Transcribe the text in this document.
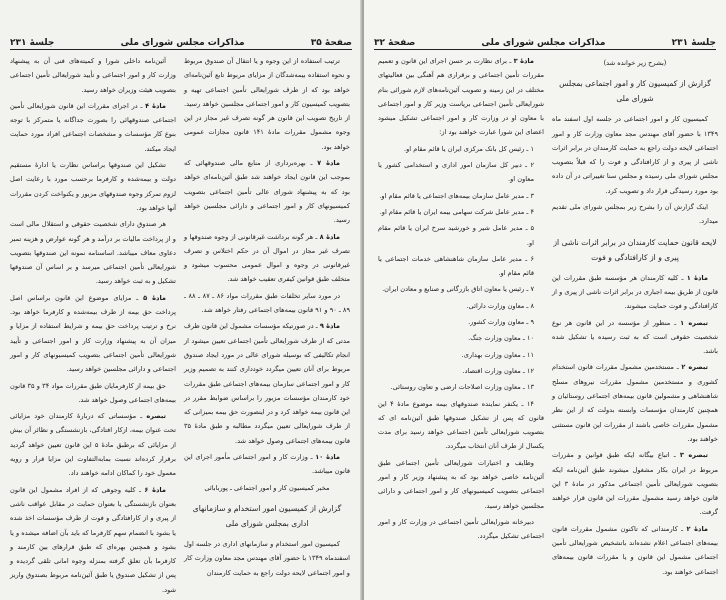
صفحهٔ ۳۵
مذاکرات مجلس شورای ملی
جلسهٔ ۲۳۱

ترتیب استفاده از این وجوه و یا انتقال آن صندوق مربوط و نحوه استفاده بیمه‌شدگان از مزایای مربوط تابع آئین‌نامه‌ای خواهد بود که از طرف شورایعالی تأمین اجتماعی تهیه و بتصویب کمیسیون کار و امور اجتماعی مجلسین خواهد رسید. از تاریخ تصویب این قانون هر گونه تصرف غیر مجاز در این وجوه مشمول مقررات مادهٔ ۱۴۱ قانون مجازات عمومی خواهد بود.

مادهٔ ۷ ـ بهره‌برداری از منابع مالی صندوقهائی که بموجب این قانون ایجاد خواهند شد طبق آئین‌نامه‌ای خواهد بود که به پیشنهاد شورای عالی تأمین اجتماعی بتصویب کمیسیونهای کار و امور اجتماعی و دارائی مجلسین خواهد رسید.

مادهٔ ۸ ـ هر گونه برداشت غیرقانونی از وجوه صندوقها و تصرف غیر مجاز در اموال آن در حکم اختلاس و تصرف غیرقانونی در وجوه و اموال عمومی محسوب میشود و متخلف طبق قوانین کیفری تعقیب خواهد شد.

در مورد سایر تخلفات طبق مقررات مواد ۸۶ ـ ۸۷ ـ ۸۸ ـ ۸۹ ـ ۹۰ و ۹۱ قانون بیمه‌های اجتماعی رفتار خواهد شد.

مادهٔ ۹ ـ در صورتیکه مؤسسات مشمول این قانون ظرف مدتی که از طرف شورایعالی تأمین اجتماعی تعیین میشود از انجام تکالیفی که بوسیله شورای عالی در مورد ایجاد صندوق مربوط برای آنان تعیین میگردد خودداری کنند به تصمیم وزیر کار و امور اجتماعی سازمان بیمه‌های اجتماعی طبق مقررات خود کارمندان مؤسسات مزبور را براساس ضوابط مقرر در این قانون بیمه خواهد کرد و در اینصورت حق بیمه بمیزانی که از طرف شورایعالی تعیین میگردد مطالبه و طبق مادهٔ ۳۵ قانون بیمه‌های اجتماعی وصول خواهد شد.

مادهٔ ۱۰ ـ وزارت کار و امور اجتماعی مأمور اجرای این قانون میباشد.

مخبر کمیسیون کار و امور اجتماعی ـ پوربابائی

گزارش از کمیسیون امور استخدام و سازمانهای اداری بمجلس شورای ملی

کمیسیون امور استخدام و سازمانهای اداری در جلسه اول اسفندماه ۱۳۴۹ با حضور آقای مهندس مجد معاون وزارت کار و امور اجتماعی لایحه دولت راجع به حمایت کارمندان

آئین‌نامه داخلی شورا و کمیته‌های فنی آن به پیشنهاد وزارت کار و امور اجتماعی و تأیید شورایعالی تأمین اجتماعی بتصویب هیئت وزیران خواهد رسید.

مادهٔ ۴ ـ در اجرای مقررات این قانون شورایعالی تأمین اجتماعی صندوقهائی را بصورت جداگانه یا متمرکز با توجه بنوع کار مؤسسات و مشخصات اجتماعی افراد مورد حمایت ایجاد میکند.

تشکیل این صندوقها براساس نظارت یا ادارهٔ مستقیم دولت و بیمه‌شده و کارفرما برحسب مورد با رعایت اصل لزوم تمرکز وجوه صندوقهای مزبور و یکنواخت کردن مقررات آنها خواهد بود.

هر صندوق دارای شخصیت حقوقی و استقلال مالی است و از پرداخت مالیات بر درآمد و هر گونه عوارض و هزینه تمبر دعاوی معاف میباشد. اساسنامه نمونه این صندوقها بتصویب شورایعالی تأمین اجتماعی میرسد و بر اساس آن صندوقها تشکیل و به ثبت خواهد رسید.

مادهٔ ۵ ـ مزایای موضوع این قانون براساس اصل پرداخت حق بیمه از طرف بیمه‌شده و کارفرما خواهد بود. نرخ و ترتیب پرداخت حق بیمه و شرایط استفاده از مزایا و میزان آن به پیشنهاد وزارت کار و امور اجتماعی و تأیید شورایعالی تأمین اجتماعی بتصویب کمیسیونهای کار و امور اجتماعی و دارائی مجلسین خواهد رسید.

حق بیمه از کارفرمایان طبق مقررات مواد ۳۴ و ۳۵ قانون بیمه‌های اجتماعی وصول خواهد شد.

تبصره ـ مؤسساتی که دربارهٔ کارمندان خود مزایائی تحت عنوان بیمه، ازکار افتادگی، بازنشستگی و نظائر آن بیش از مزایائی که برطبق مادهٔ ۵ این قانون تعیین خواهد گردید برقرار کرده‌اند نسبت بمابه‌التفاوت این مزایا قرار و رویه معمول خود را کماکان ادامه خواهند داد.

مادهٔ ۶ ـ کلیه وجوهی که از افراد مشمول این قانون بعنوان بازنشستگی یا بعنوان حمایت در مقابل عواقب ناشی از پیری و از کارافتادگی و فوت از طرف مؤسسات اخذ شده یا بشود با انضمام سهم کارفرما که باید بآن اضافه میشده و یا بشود و همچنین بهره‌ای که طبق قرارهای بین کارمند و کارفرما بآن تعلق گرفته بمنزله وجوه امانی تلقی گردیده و پس از تشکیل صندوق یا طبق آئین‌نامه مربوط بصندوق واریز شود.

جلسهٔ ۲۳۱
مذاکرات مجلس شورای ملی
صفحهٔ ۳۲

(بشرح زیر خوانده شد)

گزارش از کمیسیون کار و امور اجتماعی بمجلس شورای ملی

کمیسیون کار و امور اجتماعی در جلسه اول اسفند ماه ۱۳۴۹ با حضور آقای مهندس مجد معاون وزارت کار و امور اجتماعی لایحه دولت راجع به حمایت کارمندان در برابر اثرات ناشی از پیری و از کارافتادگی و فوت را که قبلاً بتصویب مجلس شورای ملی رسیده و مجلس سنا تغییراتی در آن داده بود مورد رسیدگی قرار داد و تصویب کرد.

اینک گزارش آن را بشرح زیر بمجلس شورای ملی تقدیم میدارد.

لایحه قانون حمایت کارمندان در برابر اثرات ناشی از پیری و از کارافتادگی و فوت

مادهٔ ۱ ـ کلیه کارمندان هر مؤسسه طبق مقررات این قانون از طریق بیمه اجباری در برابر اثرات ناشی از پیری و از کارافتادگی و فوت حمایت میشوند.

تبصره ۱ ـ منظور از مؤسسه در این قانون هر نوع شخصیت حقوقی است که به ثبت رسیده یا تشکیل شده باشد.

تبصره ۲ ـ مستخدمین مشمول مقررات قانون استخدام کشوری و مستخدمین مشمول مقررات نیروهای مسلح شاهنشاهی و مشمولین قانون بیمه‌های اجتماعی روستائیان و همچنین کارمندان مؤسسات وابسته بدولت که از این نظر مشمول مقررات خاصی باشند از مقررات این قانون مستثنی خواهند بود.

تبصره ۳ ـ اتباع بیگانه ایکه طبق قوانین و مقررات مربوط در ایران بکار مشغول میشوند طبق آئین‌نامه ایکه بتصویب شورایعالی تأمین اجتماعی مذکور در مادهٔ ۳ این قانون خواهد رسید مشمول مقررات این قانون قرار خواهند گرفت.

مادهٔ ۲ ـ کارمندانی که تاکنون مشمول مقررات قانون بیمه‌های اجتماعی اعلام نشده‌اند باتشخیص شورایعالی تأمین اجتماعی مشمول این قانون و یا مقررات قانون بیمه‌های اجتماعی خواهند بود.

مادهٔ ۳ ـ برای نظارت بر حسن اجرای این قانون و تعمیم مقررات تأمین اجتماعی و برقراری هم آهنگی بین فعالیتهای مختلف در این زمینه و تصویب آئین‌نامه‌های لازم شورائی بنام شورایعالی تأمین اجتماعی بریاست وزیر کار و امور اجتماعی با معاون او در وزارت کار و امور اجتماعی تشکیل میشود اعضای این شورا عبارت خواهند بود از:

۱ ـ رئیس کل بانک مرکزی ایران یا قائم مقام او.

۲ ـ دبیر کل سازمان امور اداری و استخدامی کشور یا معاون او.

۳ ـ مدیر عامل سازمان بیمه‌های اجتماعی یا قائم مقام او.

۴ ـ مدیر عامل شرکت سهامی بیمه ایران یا قائم مقام او.

۵ ـ مدیر عامل شیر و خورشید سرخ ایران یا قائم مقام او.

۶ ـ مدیر عامل سازمان شاهنشاهی خدمات اجتماعی یا قائم مقام او.

۷ ـ رئیس یا معاون اتاق بازرگانی و صنایع و معادن ایران.

۸ ـ معاون وزارت دارائی.

۹ ـ معاون وزارت کشور.

۱۰ ـ معاون وزارت جنگ.

۱۱ ـ معاون وزارت بهداری.

۱۲ ـ معاون وزارت اقتصاد.

۱۳ ـ معاون وزارت اصلاحات ارضی و تعاون روستائی.

۱۴ ـ یکنفر نماینده صندوقهای بیمه موضوع مادهٔ ۴ این قانون که پس از تشکیل صندوقها طبق آئین‌نامه ای که بتصویب شورایعالی تأمین اجتماعی خواهد رسید برای مدت یکسال از طرف آنان انتخاب میگردد.

وظایف و اختیارات شورایعالی تأمین اجتماعی طبق آئین‌نامه خاصی خواهد بود که به پیشنهاد وزیر کار و امور اجتماعی بتصویب کمیسیونهای کار و امور اجتماعی و دارائی مجلسین خواهد رسید.

دبیرخانه شورایعالی تأمین اجتماعی در وزارت کار و امور اجتماعی تشکیل میگردد.
